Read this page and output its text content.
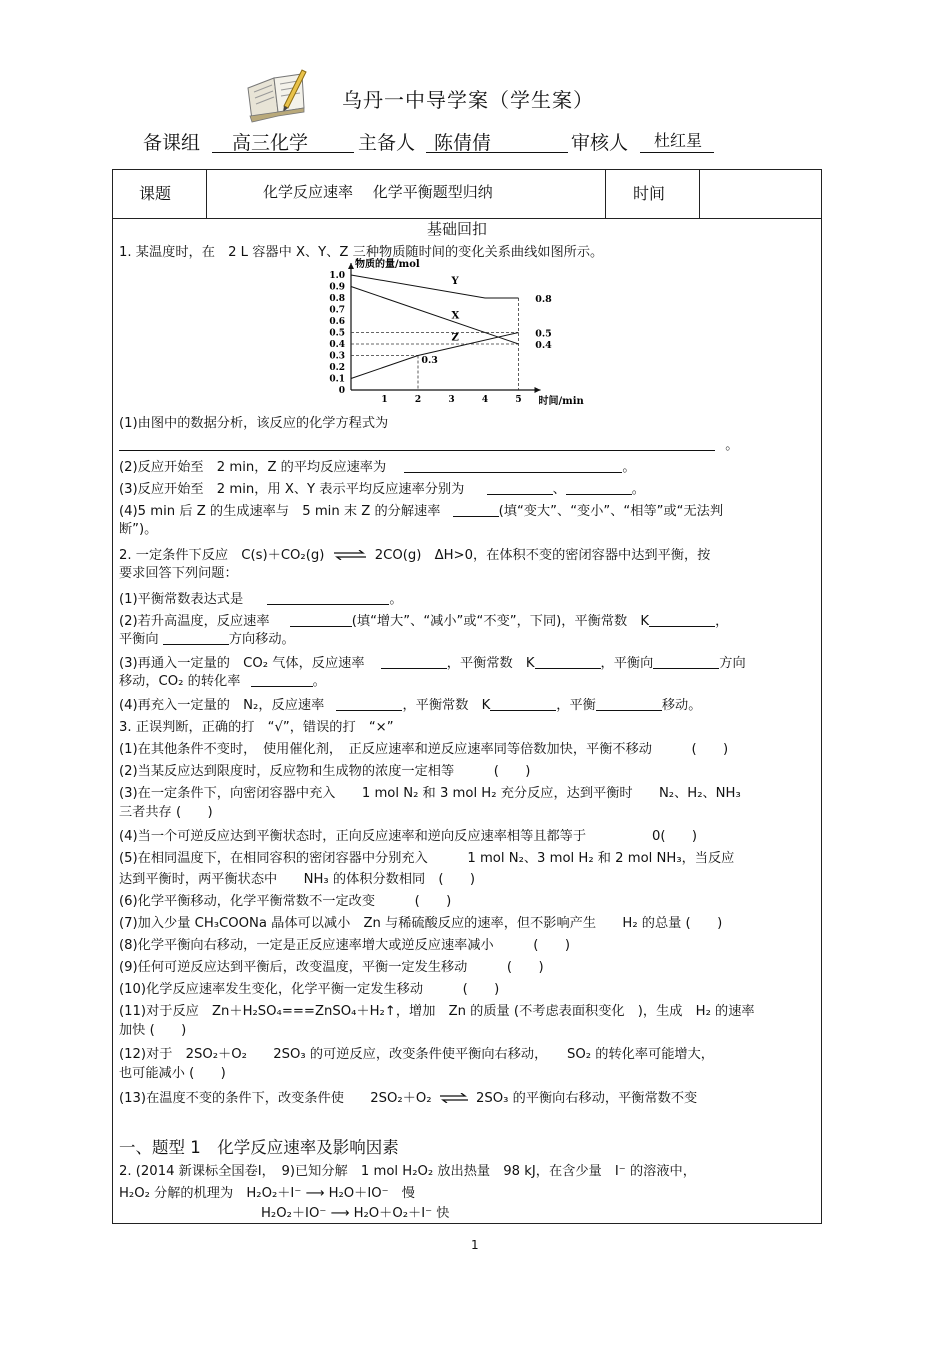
乌丹一中导学案（学生案）
备课组	高三化学	主备人 陈倩倩	审核人	杜红星
课题	化学反应速率　 化学平衡题型归纳	时间
基础回扣
1. 某温度时，在　2 L 容器中 X、Y、Z 三种物质随时间的变化关系曲线如图所示。
物质的量/mol
时间/min
0
0.1
0.2
0.3
0.4
0.5
0.6
0.7
0.8
0.9
1.0
1	2	3	4	5
Y
X
Z
0.8
0.5
0.4
0.3
(1)由图中的数据分析，该反应的化学方程式为
。
(2)反应开始至　2 min，Z 的平均反应速率为	。
(3)反应开始至　2 min，用 X、Y 表示平均反应速率分别为	、	。
(4)5 min 后 Z 的生成速率与　5 min 末 Z 的分解速率	(填“变大”、“变小”、“相等”或“无法判
断”)。
2. 一定条件下反应　C(s)＋CO₂(g) ⇌ 2CO(g)　ΔH>0，在体积不变的密闭容器中达到平衡，按
要求回答下列问题：
(1)平衡常数表达式是	。
(2)若升高温度，反应速率	(填“增大”、“减小”或“不变”，下同)，平衡常数　K	，
平衡向	方向移动。
(3)再通入一定量的　CO₂ 气体，反应速率	，平衡常数　K	，平衡向	方向
移动，CO₂ 的转化率	。
(4)再充入一定量的　N₂，反应速率	，平衡常数　K	，平衡	移动。
3. 正误判断，正确的打　“√”，错误的打　“×”
(1)在其他条件不变时，　使用催化剂，　正反应速率和逆反应速率同等倍数加快，平衡不移动　　　(　　)
(2)当某反应达到限度时，反应物和生成物的浓度一定相等　　　(　　)
(3)在一定条件下，向密闭容器中充入　　1 mol N₂ 和 3 mol H₂ 充分反应，达到平衡时　　N₂、H₂、NH₃
三者共存 (　　)
(4)当一个可逆反应达到平衡状态时，正向反应速率和逆向反应速率相等且都等于　　　　　0(　　)
(5)在相同温度下，在相同容积的密闭容器中分别充入　　　1 mol N₂、3 mol H₂ 和 2 mol NH₃，当反应
达到平衡时，两平衡状态中　　NH₃ 的体积分数相同　(　　)
(6)化学平衡移动，化学平衡常数不一定改变　　　(　　)
(7)加入少量 CH₃COONa 晶体可以减小　Zn 与稀硫酸反应的速率，但不影响产生　　H₂ 的总量 (　　)
(8)化学平衡向右移动，一定是正反应速率增大或逆反应速率减小　　　(　　)
(9)任何可逆反应达到平衡后，改变温度，平衡一定发生移动　　　(　　)
(10)化学反应速率发生变化，化学平衡一定发生移动　　　(　　)
(11)对于反应　Zn＋H₂SO₄===ZnSO₄＋H₂↑，增加　Zn 的质量 (不考虑表面积变化　)，生成　H₂ 的速率
加快 (　　)
(12)对于　2SO₂＋O₂　　2SO₃ 的可逆反应，改变条件使平衡向右移动，　　SO₂ 的转化率可能增大，
也可能减小 (　　)
(13)在温度不变的条件下，改变条件使　　2SO₂＋O₂ ⇌ 2SO₃ 的平衡向右移动，平衡常数不变
一、题型 1　化学反应速率及影响因素
2. (2014 新课标全国卷Ⅰ，　9)已知分解　1 mol H₂O₂ 放出热量　98 kJ，在含少量　I⁻ 的溶液中，
H₂O₂ 分解的机理为　H₂O₂＋I⁻ ⟶ H₂O＋IO⁻　慢
H₂O₂＋IO⁻ ⟶ H₂O＋O₂＋I⁻ 快
1
